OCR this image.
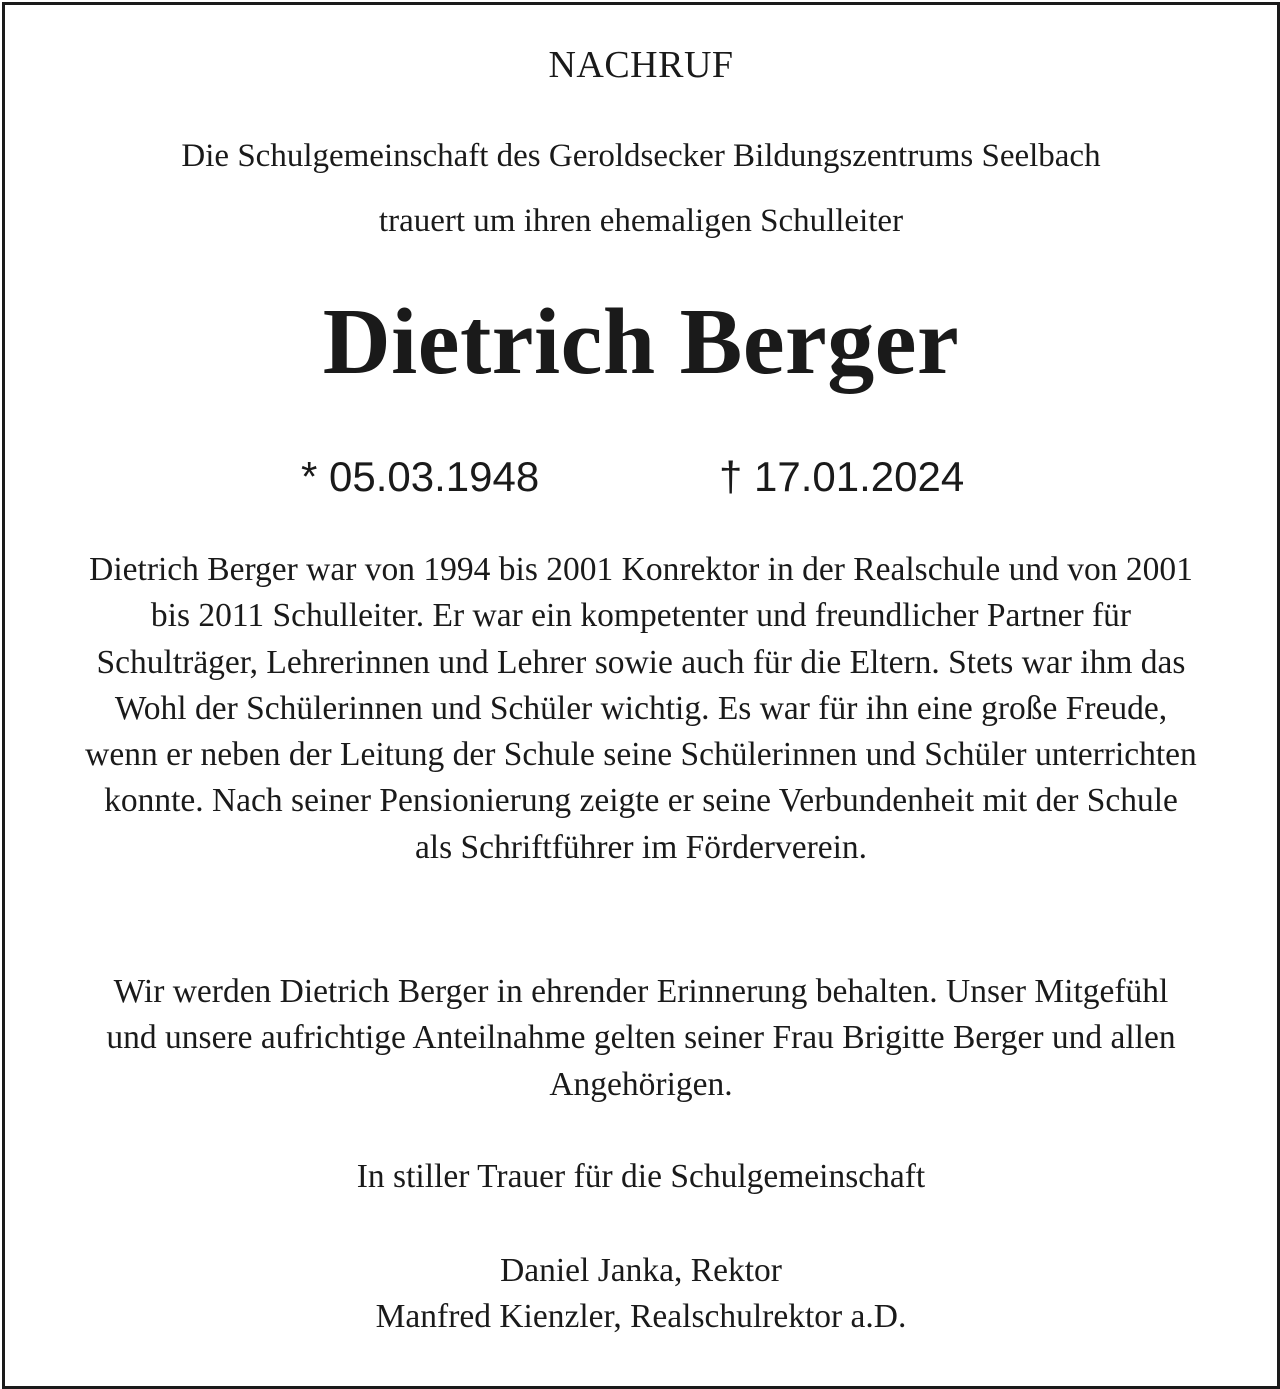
NACHRUF
Die Schulgemeinschaft des Geroldsecker Bildungszentrums Seelbach
trauert um ihren ehemaligen Schulleiter
Dietrich Berger
* 05.03.1948	† 17.01.2024
Dietrich Berger war von 1994 bis 2001 Konrektor in der Realschule und von 2001 bis 2011 Schulleiter. Er war ein kompetenter und freundlicher Partner für Schulträger, Lehrerinnen und Lehrer sowie auch für die Eltern. Stets war ihm das Wohl der Schülerinnen und Schüler wichtig. Es war für ihn eine große Freude, wenn er neben der Leitung der Schule seine Schülerinnen und Schüler unterrichten konnte. Nach seiner Pensionierung zeigte er seine Verbundenheit mit der Schule als Schriftführer im Förderverein.
Wir werden Dietrich Berger in ehrender Erinnerung behalten. Unser Mitgefühl und unsere aufrichtige Anteilnahme gelten seiner Frau Brigitte Berger und allen Angehörigen.
In stiller Trauer für die Schulgemeinschaft
Daniel Janka, Rektor
Manfred Kienzler, Realschulrektor a.D.
